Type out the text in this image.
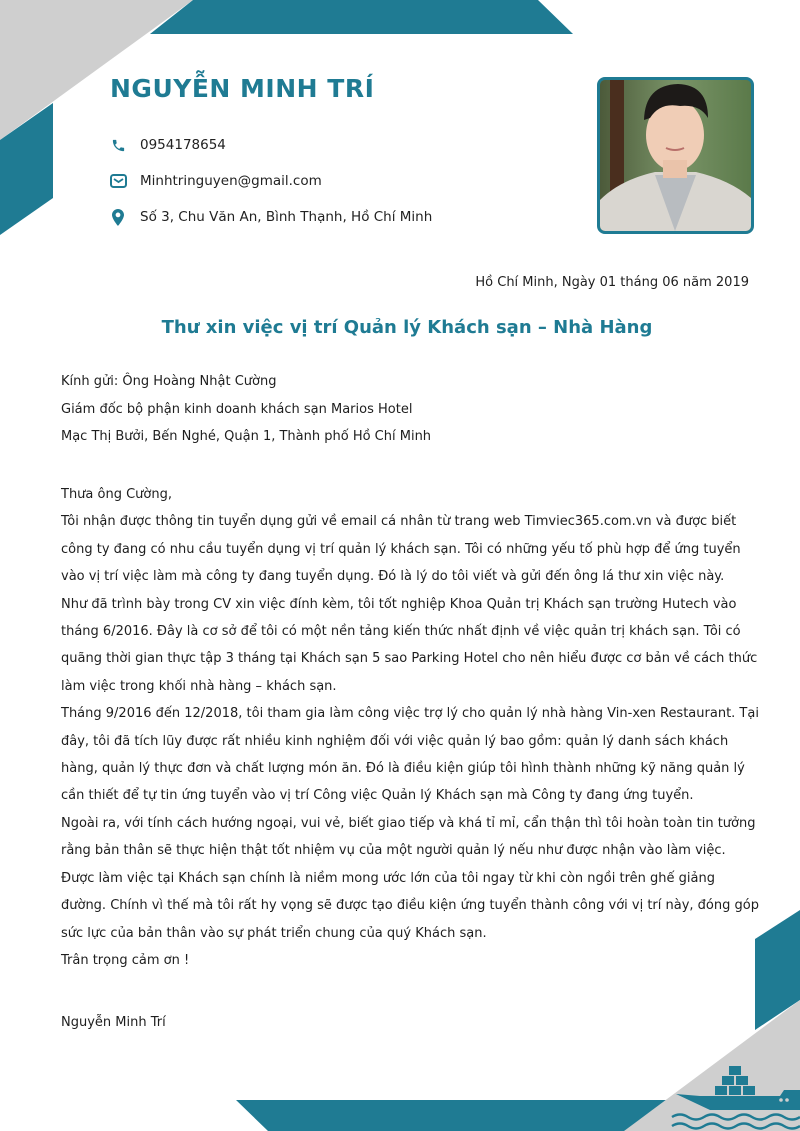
NGUYỄN MINH TRÍ
0954178654
Minhtringuyen@gmail.com
Số 3, Chu Văn An, Bình Thạnh, Hồ Chí Minh
Hồ Chí Minh, Ngày 01 tháng 06 năm 2019
Thư xin việc vị trí Quản lý Khách sạn – Nhà Hàng
Kính gửi: Ông Hoàng Nhật Cường
Giám đốc bộ phận kinh doanh khách sạn Marios Hotel
Mạc Thị Bưởi, Bến Nghé, Quận 1, Thành phố Hồ Chí Minh

Thưa ông Cường,

Tôi nhận được thông tin tuyển dụng gửi về email cá nhân từ trang web Timviec365.com.vn và được biết

công ty đang có nhu cầu tuyển dụng vị trí quản lý khách sạn. Tôi có những yếu tố phù hợp để ứng tuyển

vào vị trí việc làm mà công ty đang tuyển dụng. Đó là lý do tôi viết và gửi đến ông lá thư xin việc này.

Như đã trình bày trong CV xin việc đính kèm, tôi tốt nghiệp Khoa Quản trị Khách sạn trường Hutech vào

tháng 6/2016. Đây là cơ sở để tôi có một nền tảng kiến thức nhất định về việc quản trị khách sạn. Tôi có

quãng thời gian thực tập 3 tháng tại Khách sạn 5 sao Parking Hotel cho nên hiểu được cơ bản về cách thức

làm việc trong khối nhà hàng – khách sạn.

Tháng 9/2016 đến 12/2018, tôi tham gia làm công việc trợ lý cho quản lý nhà hàng Vin-xen Restaurant. Tại

đây, tôi đã tích lũy được rất nhiều kinh nghiệm đối với việc quản lý bao gồm: quản lý danh sách khách

hàng, quản lý thực đơn và chất lượng món ăn. Đó là điều kiện giúp tôi hình thành những kỹ năng quản lý

cần thiết để tự tin ứng tuyển vào vị trí Công việc Quản lý Khách sạn mà Công ty đang ứng tuyển.

Ngoài ra, với tính cách hướng ngoại, vui vẻ, biết giao tiếp và khá tỉ mỉ, cẩn thận thì tôi hoàn toàn tin tưởng

rằng bản thân sẽ thực hiện thật tốt nhiệm vụ của một người quản lý nếu như được nhận vào làm việc.

Được làm việc tại Khách sạn chính là niềm mong ước lớn của tôi ngay từ khi còn ngồi trên ghế giảng

đường. Chính vì thế mà tôi rất hy vọng sẽ được tạo điều kiện ứng tuyển thành công với vị trí này, đóng góp

sức lực của bản thân vào sự phát triển chung của quý Khách sạn.

Trân trọng cảm ơn !

Nguyễn Minh Trí
